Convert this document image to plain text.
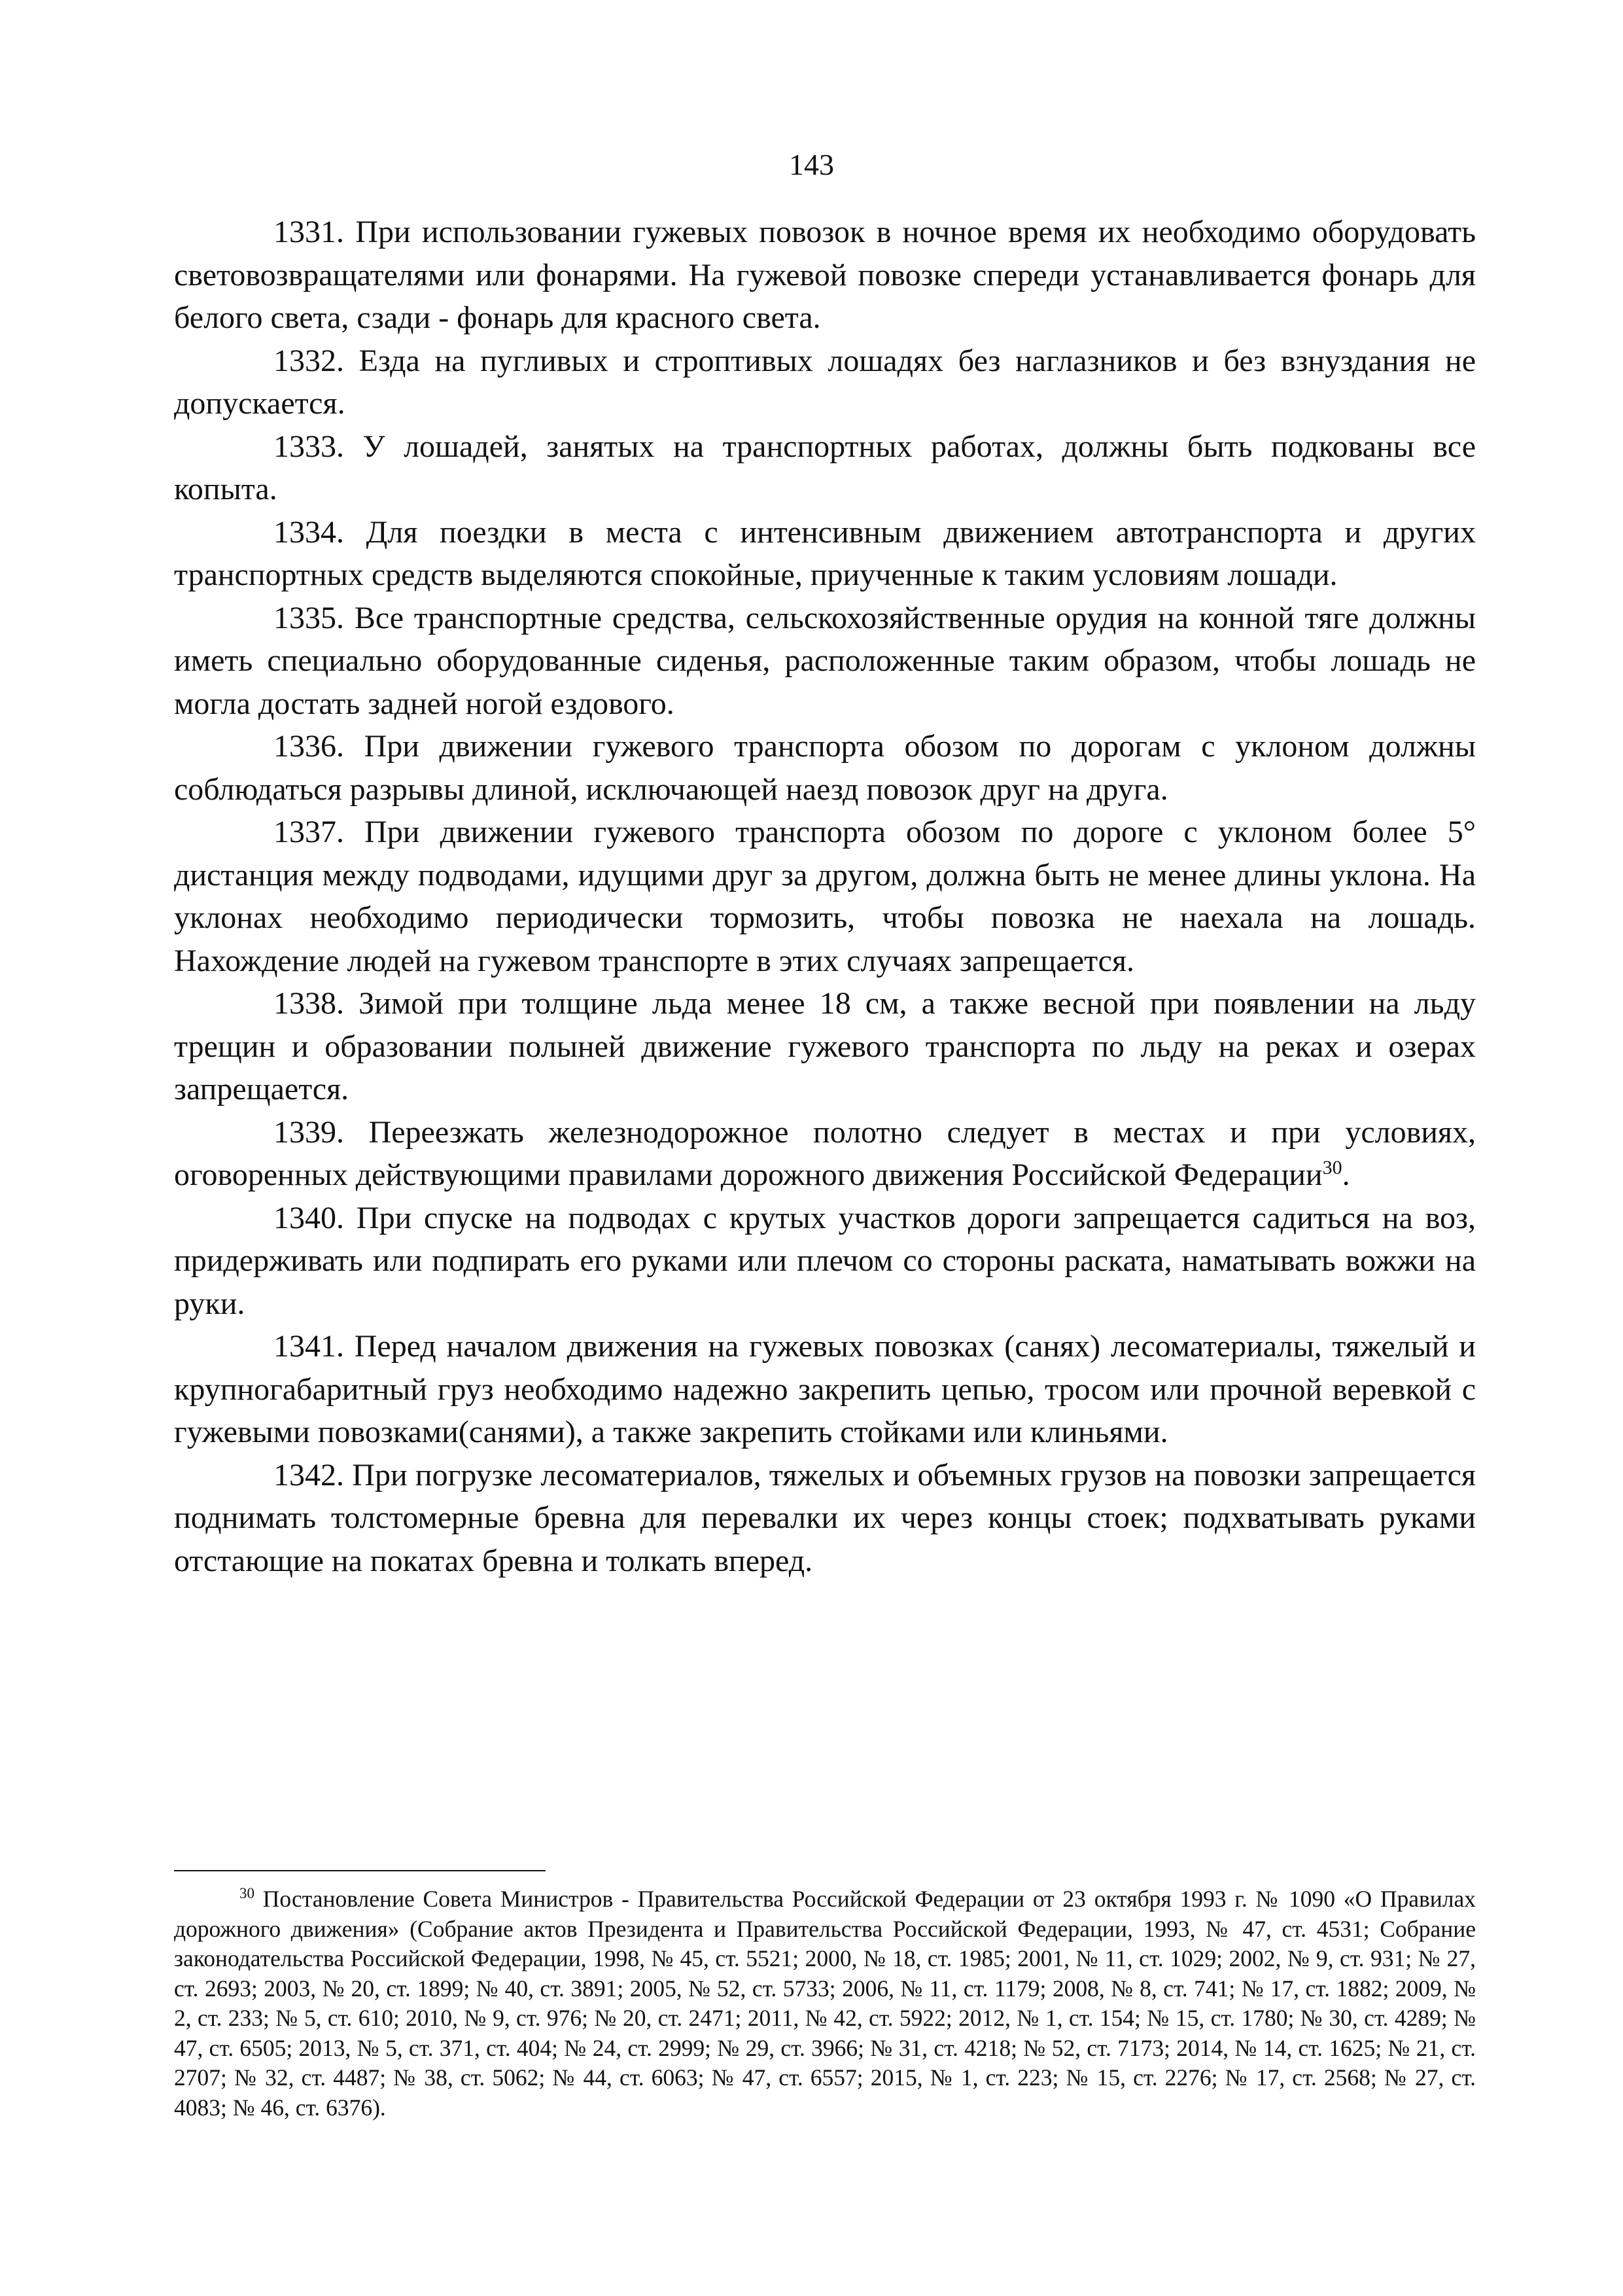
143

1331. При использовании гужевых повозок в ночное время их необходимо оборудовать световозвращателями или фонарями. На гужевой повозке спереди устанавливается фонарь для белого света, сзади - фонарь для красного света.

1332. Езда на пугливых и строптивых лошадях без наглазников и без взнуздания не допускается.

1333. У лошадей, занятых на транспортных работах, должны быть подкованы все копыта.

1334. Для поездки в места с интенсивным движением автотранспорта и других транспортных средств выделяются спокойные, приученные к таким условиям лошади.

1335. Все транспортные средства, сельскохозяйственные орудия на конной тяге должны иметь специально оборудованные сиденья, расположенные таким образом, чтобы лошадь не могла достать задней ногой ездового.

1336. При движении гужевого транспорта обозом по дорогам с уклоном должны соблюдаться разрывы длиной, исключающей наезд повозок друг на друга.

1337. При движении гужевого транспорта обозом по дороге с уклоном более 5° дистанция между подводами, идущими друг за другом, должна быть не менее длины уклона. На уклонах необходимо периодически тормозить, чтобы повозка не наехала на лошадь. Нахождение людей на гужевом транспорте в этих случаях запрещается.

1338. Зимой при толщине льда менее 18 см, а также весной при появлении на льду трещин и образовании полыней движение гужевого транспорта по льду на реках и озерах запрещается.

1339. Переезжать железнодорожное полотно следует в местах и при условиях, оговоренных действующими правилами дорожного движения Российской Федерации$^{30}$.

1340. При спуске на подводах с крутых участков дороги запрещается садиться на воз, придерживать или подпирать его руками или плечом со стороны раската, наматывать вожжи на руки.

1341. Перед началом движения на гужевых повозках (санях) лесоматериалы, тяжелый и крупногабаритный груз необходимо надежно закрепить цепью, тросом или прочной веревкой с гужевыми повозками(санями), а также закрепить стойками или клиньями.

1342. При погрузке лесоматериалов, тяжелых и объемных грузов на повозки запрещается поднимать толстомерные бревна для перевалки их через концы стоек; подхватывать руками отстающие на покатах бревна и толкать вперед.

$^{30}$ Постановление Совета Министров - Правительства Российской Федерации от 23 октября 1993 г. № 1090 «О Правилах дорожного движения» (Собрание актов Президента и Правительства Российской Федерации, 1993, № 47, ст. 4531; Собрание законодательства Российской Федерации, 1998, № 45, ст. 5521; 2000, № 18, ст. 1985; 2001, № 11, ст. 1029; 2002, № 9, ст. 931; № 27, ст. 2693; 2003, № 20, ст. 1899; № 40, ст. 3891; 2005, № 52, ст. 5733; 2006, № 11, ст. 1179; 2008, № 8, ст. 741; № 17, ст. 1882; 2009, № 2, ст. 233; № 5, ст. 610; 2010, № 9, ст. 976; № 20, ст. 2471; 2011, № 42, ст. 5922; 2012, № 1, ст. 154; № 15, ст. 1780; № 30, ст. 4289; № 47, ст. 6505; 2013, № 5, ст. 371, ст. 404; № 24, ст. 2999; № 29, ст. 3966; № 31, ст. 4218; № 52, ст. 7173; 2014, № 14, ст. 1625; № 21, ст. 2707; № 32, ст. 4487; № 38, ст. 5062; № 44, ст. 6063; № 47, ст. 6557; 2015, № 1, ст. 223; № 15, ст. 2276; № 17, ст. 2568; № 27, ст. 4083; № 46, ст. 6376).
